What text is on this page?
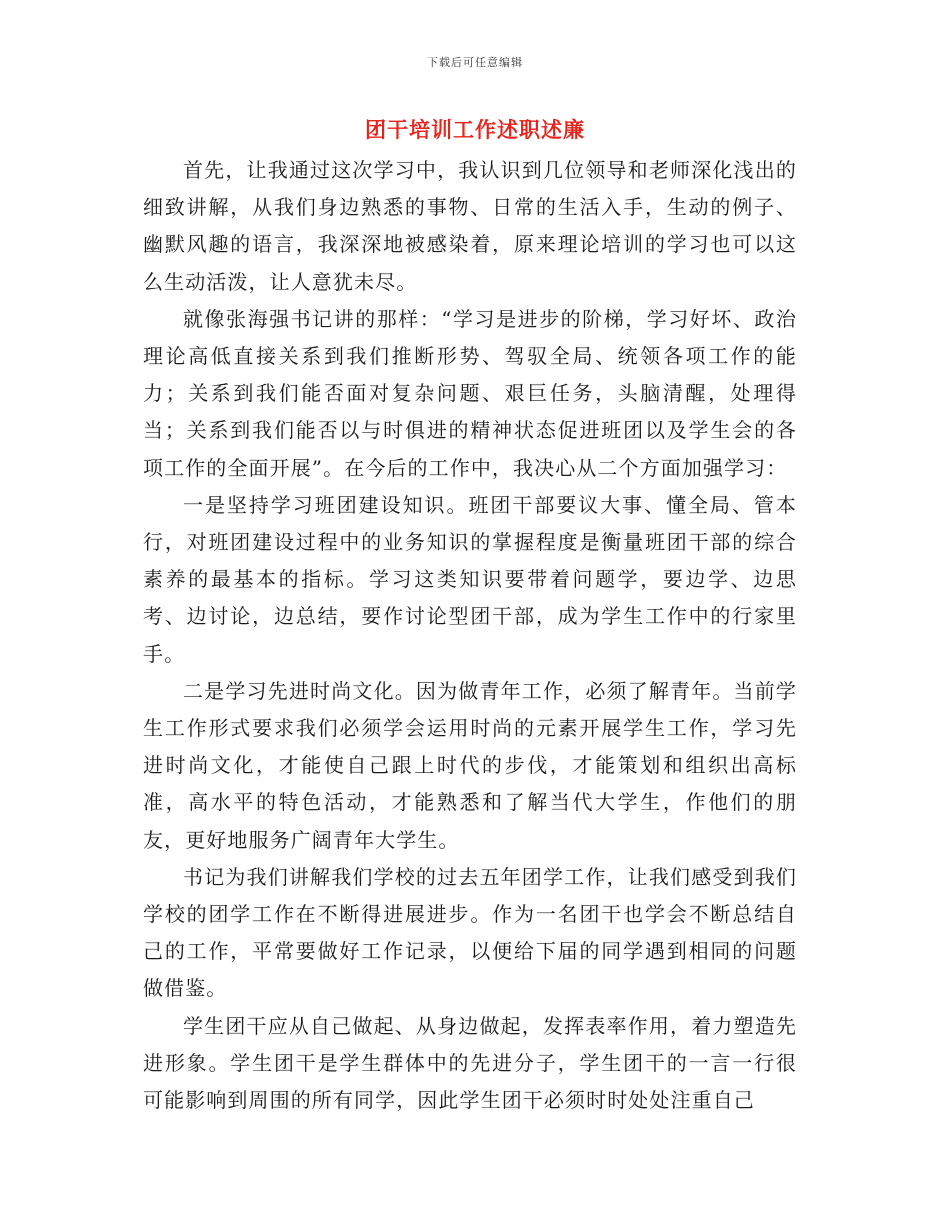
下载后可任意编辑
团干培训工作述职述廉

首先，让我通过这次学习中，我认识到几位领导和老师深化浅出的细致讲解，从我们身边熟悉的事物、日常的生活入手，生动的例子、幽默风趣的语言，我深深地被感染着，原来理论培训的学习也可以这么生动活泼，让人意犹未尽。

就像张海强书记讲的那样：“学习是进步的阶梯，学习好坏、政治理论高低直接关系到我们推断形势、驾驭全局、统领各项工作的能力；关系到我们能否面对复杂问题、艰巨任务，头脑清醒，处理得当；关系到我们能否以与时俱进的精神状态促进班团以及学生会的各项工作的全面开展”。在今后的工作中，我决心从二个方面加强学习：

一是坚持学习班团建设知识。班团干部要议大事、懂全局、管本行，对班团建设过程中的业务知识的掌握程度是衡量班团干部的综合素养的最基本的指标。学习这类知识要带着问题学，要边学、边思考、边讨论，边总结，要作讨论型团干部，成为学生工作中的行家里手。

二是学习先进时尚文化。因为做青年工作，必须了解青年。当前学生工作形式要求我们必须学会运用时尚的元素开展学生工作，学习先进时尚文化，才能使自己跟上时代的步伐，才能策划和组织出高标准，高水平的特色活动，才能熟悉和了解当代大学生，作他们的朋友，更好地服务广阔青年大学生。

书记为我们讲解我们学校的过去五年团学工作，让我们感受到我们学校的团学工作在不断得进展进步。作为一名团干也学会不断总结自己的工作，平常要做好工作记录，以便给下届的同学遇到相同的问题做借鉴。

学生团干应从自己做起、从身边做起，发挥表率作用，着力塑造先进形象。学生团干是学生群体中的先进分子，学生团干的一言一行很可能影响到周围的所有同学，因此学生团干必须时时处处注重自己
